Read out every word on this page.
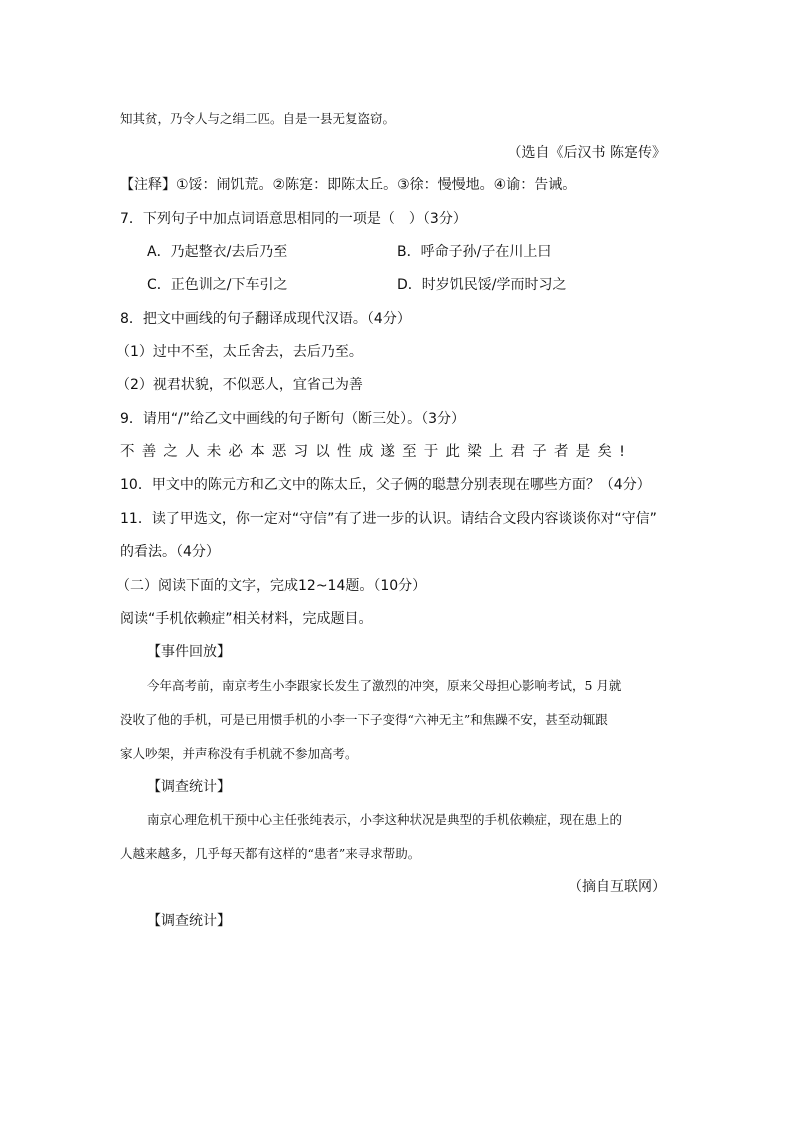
知其贫，乃令人与之绢二匹。自是一县无复盗窃。
（选自《后汉书 陈寔传》
【注释】①馁：闹饥荒。②陈寔：即陈太丘。③徐：慢慢地。④谕：告诫。
7．下列句子中加点词语意思相同的一项是（　）（3分）
A．乃起整衣/去后乃至	B．呼命子孙/子在川上曰
C．正色训之/下车引之	D．时岁饥民馁/学而时习之
8．把文中画线的句子翻译成现代汉语。（4分）
（1）过中不至，太丘舍去，去后乃至。
（2）视君状貌，不似恶人，宜省己为善
9．请用“/”给乙文中画线的句子断句（断三处）。（3分）
不善之人未必本恶习以性成遂至于此梁上君子者是矣!
10．甲文中的陈元方和乙文中的陈太丘，父子俩的聪慧分别表现在哪些方面？（4分）
11．读了甲选文，你一定对“守信”有了进一步的认识。请结合文段内容谈谈你对“守信”
的看法。（4分）
（二）阅读下面的文字，完成12~14题。（10分）
阅读“手机依赖症”相关材料，完成题目。
【事件回放】
今年高考前，南京考生小李跟家长发生了激烈的冲突，原来父母担心影响考试，5 月就
没收了他的手机，可是已用惯手机的小李一下子变得“六神无主”和焦躁不安，甚至动辄跟
家人吵架，并声称没有手机就不参加高考。
【调查统计】
南京心理危机干预中心主任张纯表示，小李这种状况是典型的手机依赖症，现在患上的
人越来越多，几乎每天都有这样的“患者”来寻求帮助。
（摘自互联网）
【调查统计】
